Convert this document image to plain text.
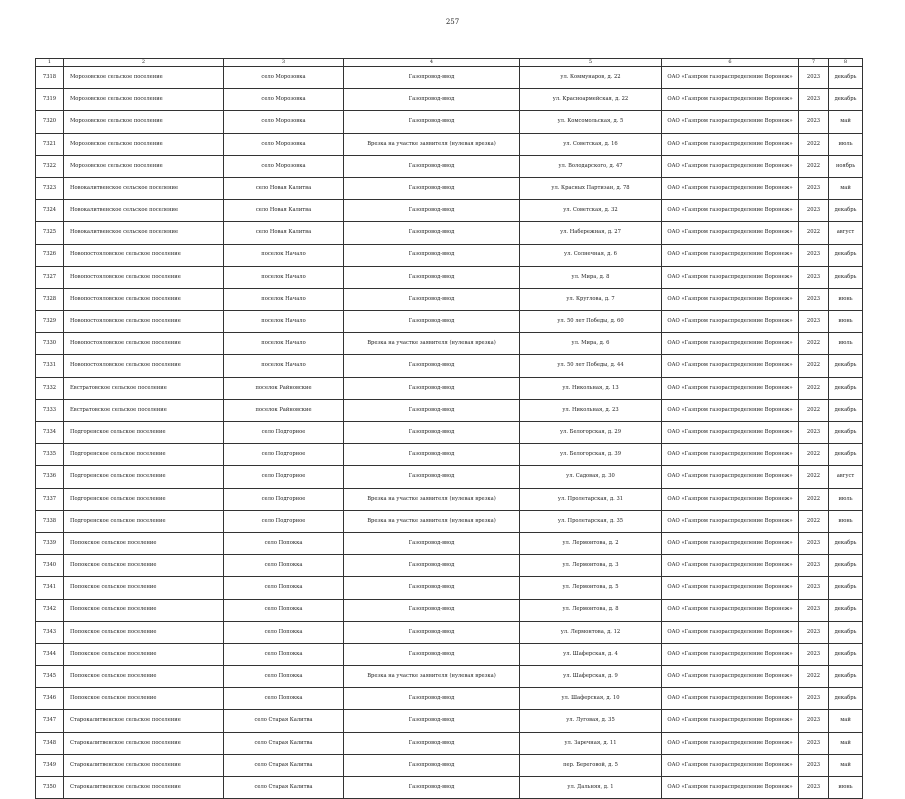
257
1	2	3	4	5	6	7	8
7318	Морозовское сельское поселение	село Морозовка	Газопровод-ввод	ул. Коммунаров, д. 22	ОАО «Газпром газораспределение Воронеж»	2023	декабрь
7319	Морозовское сельское поселение	село Морозовка	Газопровод-ввод	ул. Красноармейская, д. 22	ОАО «Газпром газораспределение Воронеж»	2023	декабрь
7320	Морозовское сельское поселение	село Морозовка	Газопровод-ввод	ул. Комсомольская, д. 5	ОАО «Газпром газораспределение Воронеж»	2023	май
7321	Морозовское сельское поселение	село Морозовка	Врезка на участке заявителя (нулевая врезка)	ул. Советская, д. 16	ОАО «Газпром газораспределение Воронеж»	2022	июль
7322	Морозовское сельское поселение	село Морозовка	Газопровод-ввод	ул. Володарского, д. 47	ОАО «Газпром газораспределение Воронеж»	2022	ноябрь
7323	Новокалитвенское сельское поселение	село Новая Калитва	Газопровод-ввод	ул. Красных Партизан, д. 78	ОАО «Газпром газораспределение Воронеж»	2023	май
7324	Новокалитвенское сельское поселение	село Новая Калитва	Газопровод-ввод	ул. Советская, д. 32	ОАО «Газпром газораспределение Воронеж»	2023	декабрь
7325	Новокалитвенское сельское поселение	село Новая Калитва	Газопровод-ввод	ул. Набережная, д. 27	ОАО «Газпром газораспределение Воронеж»	2022	август
7326	Новопостояловское сельское поселение	поселок Начало	Газопровод-ввод	ул. Солнечная, д. 6	ОАО «Газпром газораспределение Воронеж»	2023	декабрь
7327	Новопостояловское сельское поселение	поселок Начало	Газопровод-ввод	ул. Мира, д. 8	ОАО «Газпром газораспределение Воронеж»	2023	декабрь
7328	Новопостояловское сельское поселение	поселок Начало	Газопровод-ввод	ул. Круглова, д. 7	ОАО «Газпром газораспределение Воронеж»	2023	июнь
7329	Новопостояловское сельское поселение	поселок Начало	Газопровод-ввод	ул. 50 лет Победы, д. 60	ОАО «Газпром газораспределение Воронеж»	2023	июнь
7330	Новопостояловское сельское поселение	поселок Начало	Врезка на участке заявителя (нулевая врезка)	ул. Мира, д. 6	ОАО «Газпром газораспределение Воронеж»	2022	июль
7331	Новопостояловское сельское поселение	поселок Начало	Газопровод-ввод	ул. 50 лет Победы, д. 44	ОАО «Газпром газораспределение Воронеж»	2022	декабрь
7332	Евстратовское сельское поселение	поселок Райновские	Газопровод-ввод	ул. Никольная, д. 13	ОАО «Газпром газораспределение Воронеж»	2022	декабрь
7333	Евстратовское сельское поселение	поселок Райновские	Газопровод-ввод	ул. Никольная, д. 23	ОАО «Газпром газораспределение Воронеж»	2022	декабрь
7334	Подгоренское сельское поселение	село Подгорное	Газопровод-ввод	ул. Белогорская, д. 29	ОАО «Газпром газораспределение Воронеж»	2023	декабрь
7335	Подгоренское сельское поселение	село Подгорное	Газопровод-ввод	ул. Белогорская, д. 39	ОАО «Газпром газораспределение Воронеж»	2022	декабрь
7336	Подгоренское сельское поселение	село Подгорное	Газопровод-ввод	ул. Садовая, д. 30	ОАО «Газпром газораспределение Воронеж»	2022	август
7337	Подгоренское сельское поселение	село Подгорное	Врезка на участке заявителя (нулевая врезка)	ул. Пролетарская, д. 31	ОАО «Газпром газораспределение Воронеж»	2022	июль
7338	Подгоренское сельское поселение	село Подгорное	Врезка на участке заявителя (нулевая врезка)	ул. Пролетарская, д. 35	ОАО «Газпром газораспределение Воронеж»	2022	июнь
7339	Попокское сельское поселение	село Попокка	Газопровод-ввод	ул. Лермонтова, д. 2	ОАО «Газпром газораспределение Воронеж»	2023	декабрь
7340	Попокское сельское поселение	село Попокка	Газопровод-ввод	ул. Лермонтова, д. 3	ОАО «Газпром газораспределение Воронеж»	2023	декабрь
7341	Попокское сельское поселение	село Попокка	Газопровод-ввод	ул. Лермонтова, д. 5	ОАО «Газпром газораспределение Воронеж»	2023	декабрь
7342	Попокское сельское поселение	село Попокка	Газопровод-ввод	ул. Лермонтова, д. 8	ОАО «Газпром газораспределение Воронеж»	2023	декабрь
7343	Попокское сельское поселение	село Попокка	Газопровод-ввод	ул. Лермонтова, д. 12	ОАО «Газпром газораспределение Воронеж»	2023	декабрь
7344	Попокское сельское поселение	село Попокка	Газопровод-ввод	ул. Шаферская, д. 4	ОАО «Газпром газораспределение Воронеж»	2023	декабрь
7345	Попокское сельское поселение	село Попокка	Врезка на участке заявителя (нулевая врезка)	ул. Шаферская, д. 9	ОАО «Газпром газораспределение Воронеж»	2022	декабрь
7346	Попокское сельское поселение	село Попокка	Газопровод-ввод	ул. Шаферская, д. 10	ОАО «Газпром газораспределение Воронеж»	2023	декабрь
7347	Старокалитвенское сельское поселение	село Старая Калитва	Газопровод-ввод	ул. Луговая, д. 35	ОАО «Газпром газораспределение Воронеж»	2023	май
7348	Старокалитвенское сельское поселение	село Старая Калитва	Газопровод-ввод	ул. Заречная, д. 11	ОАО «Газпром газораспределение Воронеж»	2023	май
7349	Старокалитвенское сельское поселение	село Старая Калитва	Газопровод-ввод	пер. Береговой, д. 5	ОАО «Газпром газораспределение Воронеж»	2023	май
7350	Старокалитвенское сельское поселение	село Старая Калитва	Газопровод-ввод	ул. Дальняя, д. 1	ОАО «Газпром газораспределение Воронеж»	2023	июнь
